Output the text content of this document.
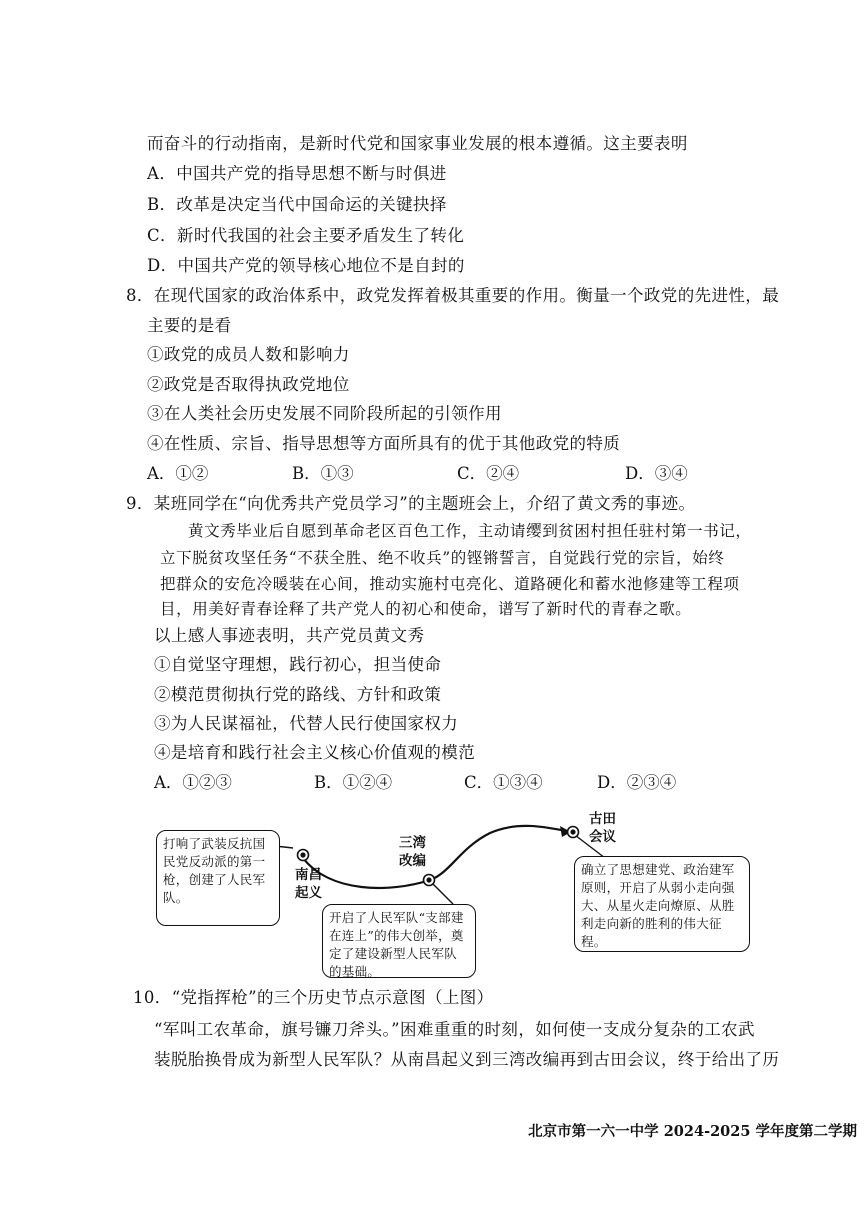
而奋斗的行动指南，是新时代党和国家事业发展的根本遵循。这主要表明
A．中国共产党的指导思想不断与时俱进
B．改革是决定当代中国命运的关键抉择
C．新时代我国的社会主要矛盾发生了转化
D．中国共产党的领导核心地位不是自封的
8．在现代国家的政治体系中，政党发挥着极其重要的作用。衡量一个政党的先进性，最
主要的是看
①政党的成员人数和影响力
②政党是否取得执政党地位
③在人类社会历史发展不同阶段所起的引领作用
④在性质、宗旨、指导思想等方面所具有的优于其他政党的特质
A．①②	B．①③	C．②④	D．③④
9．某班同学在“向优秀共产党员学习”的主题班会上，介绍了黄文秀的事迹。
黄文秀毕业后自愿到革命老区百色工作，主动请缨到贫困村担任驻村第一书记，
立下脱贫攻坚任务“不获全胜、绝不收兵”的铿锵誓言，自觉践行党的宗旨，始终
把群众的安危冷暖装在心间，推动实施村屯亮化、道路硬化和蓄水池修建等工程项
目，用美好青春诠释了共产党人的初心和使命，谱写了新时代的青春之歌。
以上感人事迹表明，共产党员黄文秀
①自觉坚守理想，践行初心，担当使命
②模范贯彻执行党的路线、方针和政策
③为人民谋福祉，代替人民行使国家权力
④是培育和践行社会主义核心价值观的模范
A．①②③	B．①②④	C．①③④	D．②③④
南昌
起义
三湾
改编
古田
会议
打响了武装反抗国民党反动派的第一枪，创建了人民军队。
开启了人民军队“支部建在连上”的伟大创举，奠定了建设新型人民军队的基础。
确立了思想建党、政治建军原则，开启了从弱小走向强大、从星火走向燎原、从胜利走向新的胜利的伟大征程。
10．“党指挥枪”的三个历史节点示意图（上图）
“军叫工农革命，旗号镰刀斧头。”困难重重的时刻，如何使一支成分复杂的工农武
装脱胎换骨成为新型人民军队？从南昌起义到三湾改编再到古田会议，终于给出了历
北京市第一六一中学 2024-2025 学年度第二学期
